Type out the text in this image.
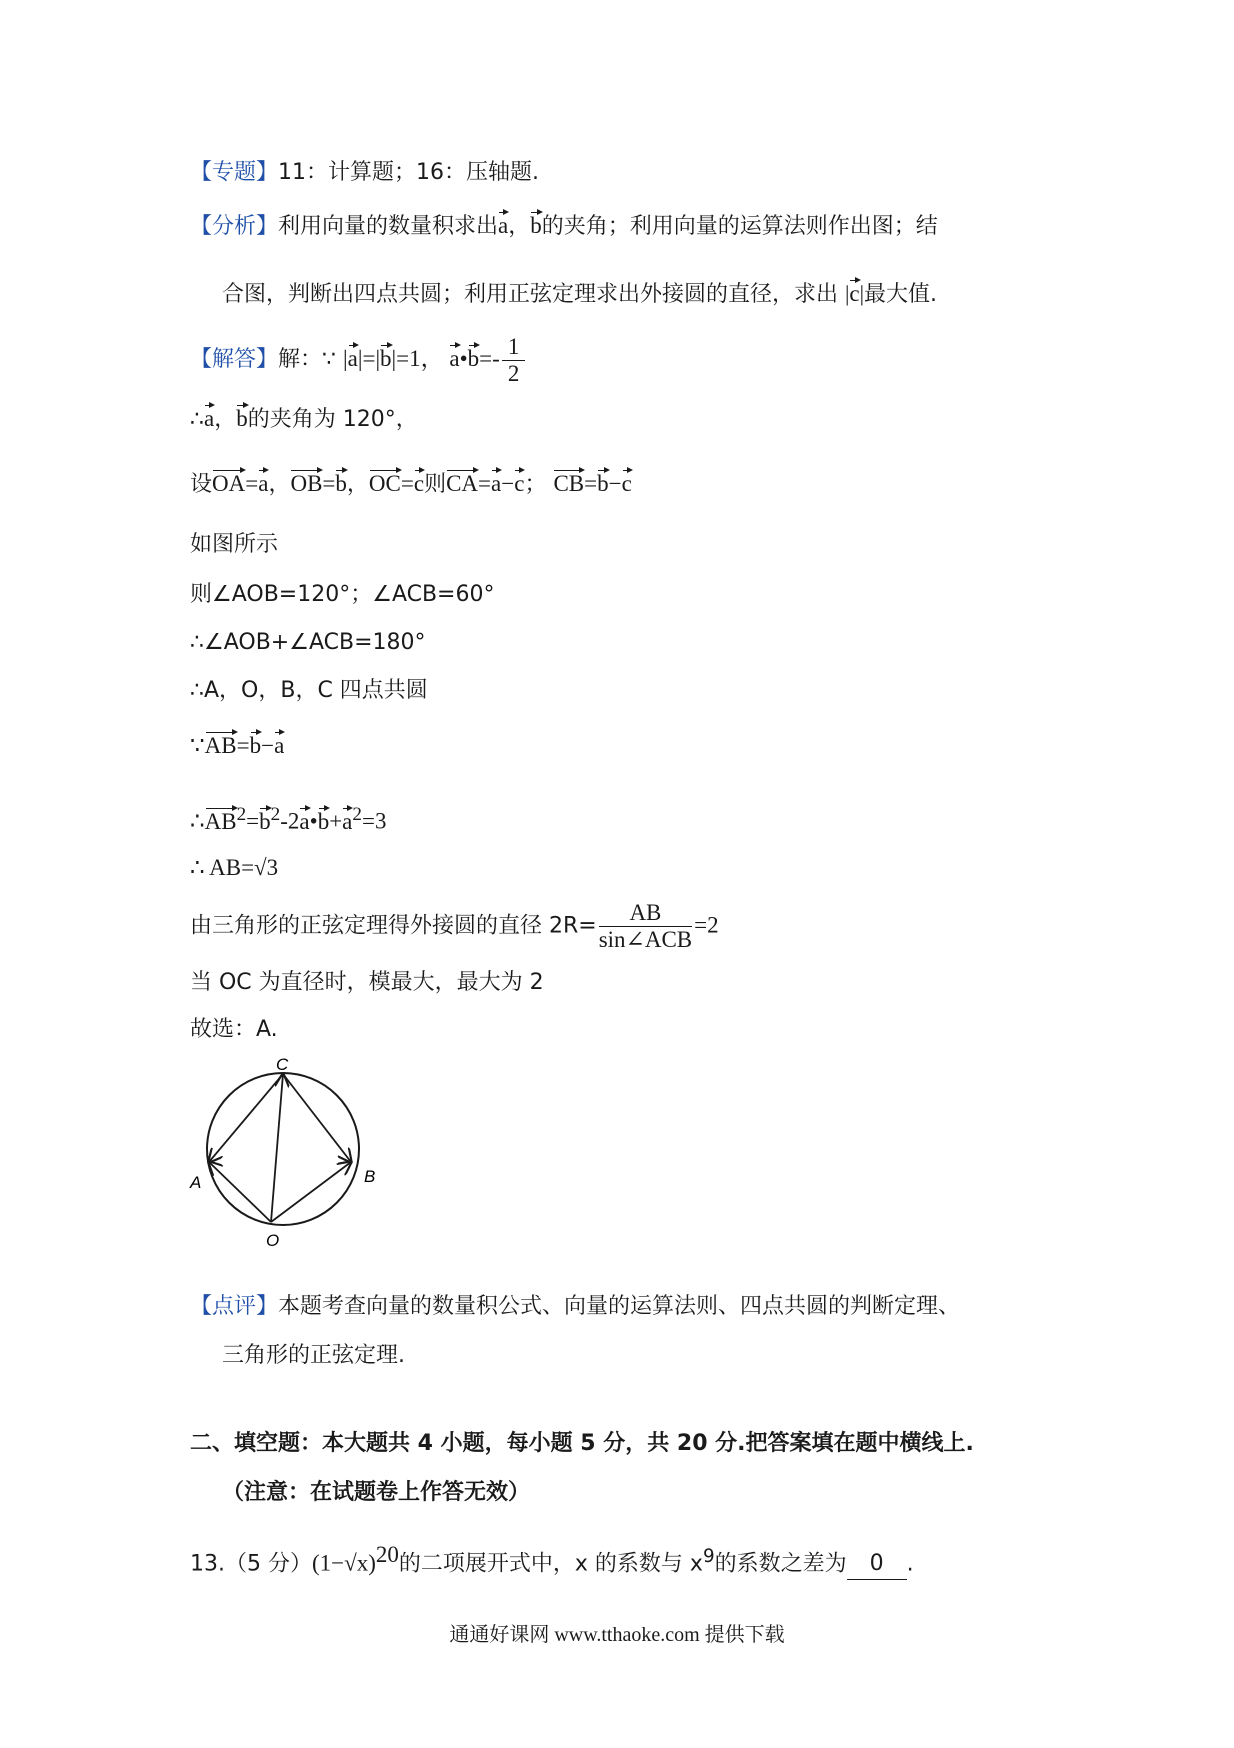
【专题】11：计算题；16：压轴题.
【分析】利用向量的数量积求出a，b的夹角；利用向量的运算法则作出图；结
合图，判断出四点共圆；利用正弦定理求出外接圆的直径，求出 |c|最大值.
【解答】解：∵ |a|=|b|=1， a•b=- $\frac{1}{2}$
∴a，b的夹角为 120°，
设OA=a，OB=b，OC=c则CA=a−c； CB=b−c
如图所示
则∠AOB=120°；∠ACB=60°
∴∠AOB+∠ACB=180°
∴A，O，B，C 四点共圆
∵AB=b−a
$\therefore AB^2=b^2-2a•b+a^2=3$
∴ AB=√3
由三角形的正弦定理得外接圆的直径 $2R= \frac{AB}{\text{sin∠ACB}} =2$
当 OC 为直径时，模最大，最大为 2
故选：A.
C
A	B
O
【点评】本题考查向量的数量积公式、向量的运算法则、四点共圆的判断定理、
三角形的正弦定理.
二、填空题：本大题共 4 小题，每小题 5 分，共 20 分.把答案填在题中横线上.
（注意：在试题卷上作答无效）
13.（5 分）$(1-√x)^{20}$的二项展开式中，x 的系数与 $x^9$的系数之差为 0 .
通通好课网 www.tthaoke.com 提供下载
